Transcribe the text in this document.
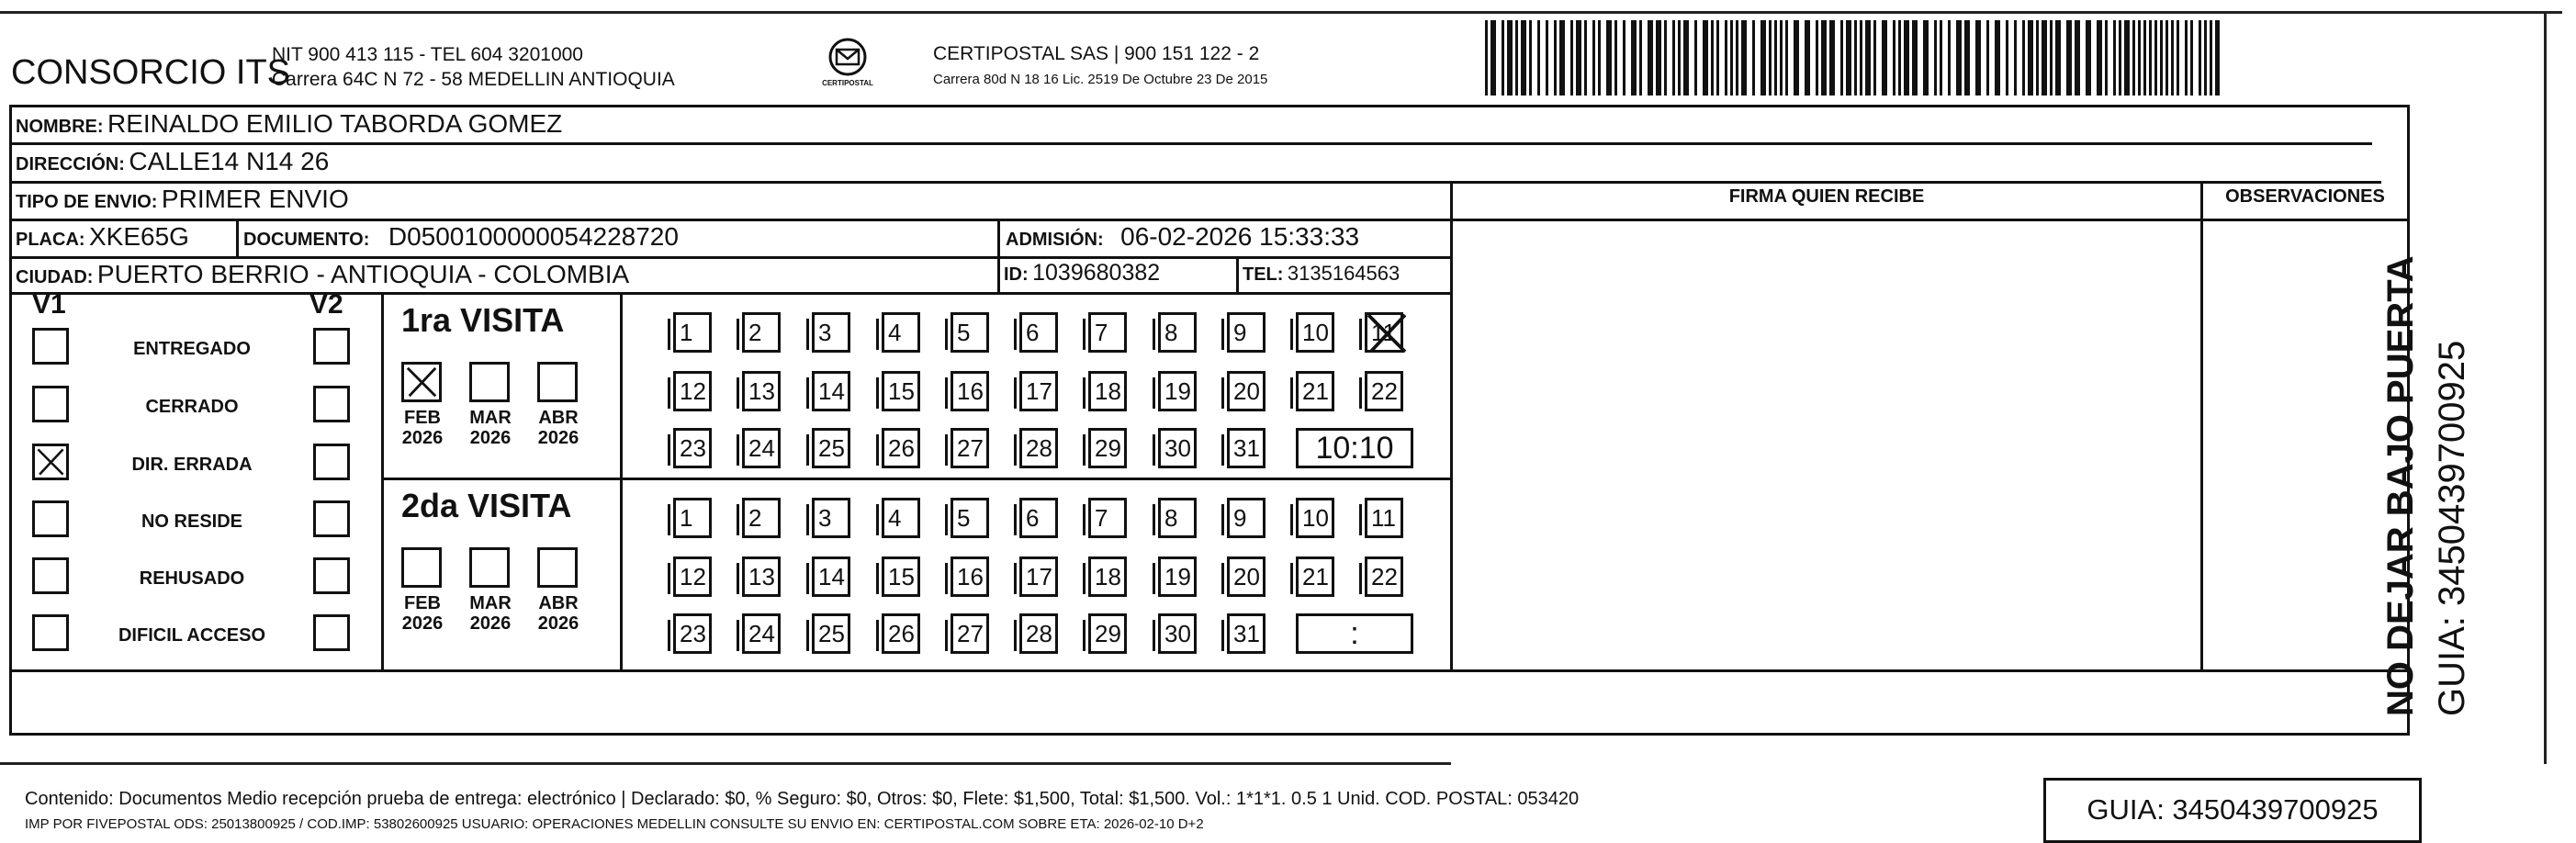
CONSORCIO ITS
NIT 900 413 115 - TEL 604 3201000
Carrera 64C N 72 - 58 MEDELLIN ANTIOQUIA	CERTIPOSTAL
CERTIPOSTAL SAS | 900 151 122 - 2
Carrera 80d N 18 16 Lic. 2519 De Octubre 23 De 2015
NOMBRE: REINALDO EMILIO TABORDA GOMEZ
DIRECCIÓN: CALLE14 N14 26
TIPO DE ENVIO: PRIMER ENVIO	FIRMA QUIEN RECIBE	OBSERVACIONES
PLACA: XKE65G	DOCUMENTO: D0500100000054228720	ADMISIÓN: 06-02-2026 15:33:33
CIUDAD: PUERTO BERRIO - ANTIOQUIA - COLOMBIA	ID: 1039680382	TEL: 3135164563
V1	V2
ENTREGADO
CERRADO
DIR. ERRADA
NO RESIDE
REHUSADO
DIFICIL ACCESO
1ra VISITA
FEB
2026
MAR
2026
ABR
2026
1	2	3	4	5	6	7	8	9	10 11
12 13 14 15 16 17 18 19 20 21 22
23 24 25 26 27 28 29 30 31	10:10
2da VISITA
FEB
2026
MAR
2026
ABR
2026
1	2	3	4	5	6	7	8	9	10 11
12 13 14 15 16 17 18 19 20 21 22
23 24 25 26 27 28 29 30 31	:
Contenido: Documentos Medio recepción prueba de entrega: electrónico | Declarado: $0, % Seguro: $0, Otros: $0, Flete: $1,500, Total: $1,500. Vol.: 1*1*1. 0.5 1 Unid. COD. POSTAL: 053420
IMP POR FIVEPOSTAL ODS: 25013800925 / COD.IMP: 53802600925 USUARIO: OPERACIONES MEDELLIN CONSULTE SU ENVIO EN: CERTIPOSTAL.COM SOBRE ETA: 2026-02-10 D+2	GUIA: 3450439700925
NO DEJAR BAJO PUERTA GUIA: 3450439700925
